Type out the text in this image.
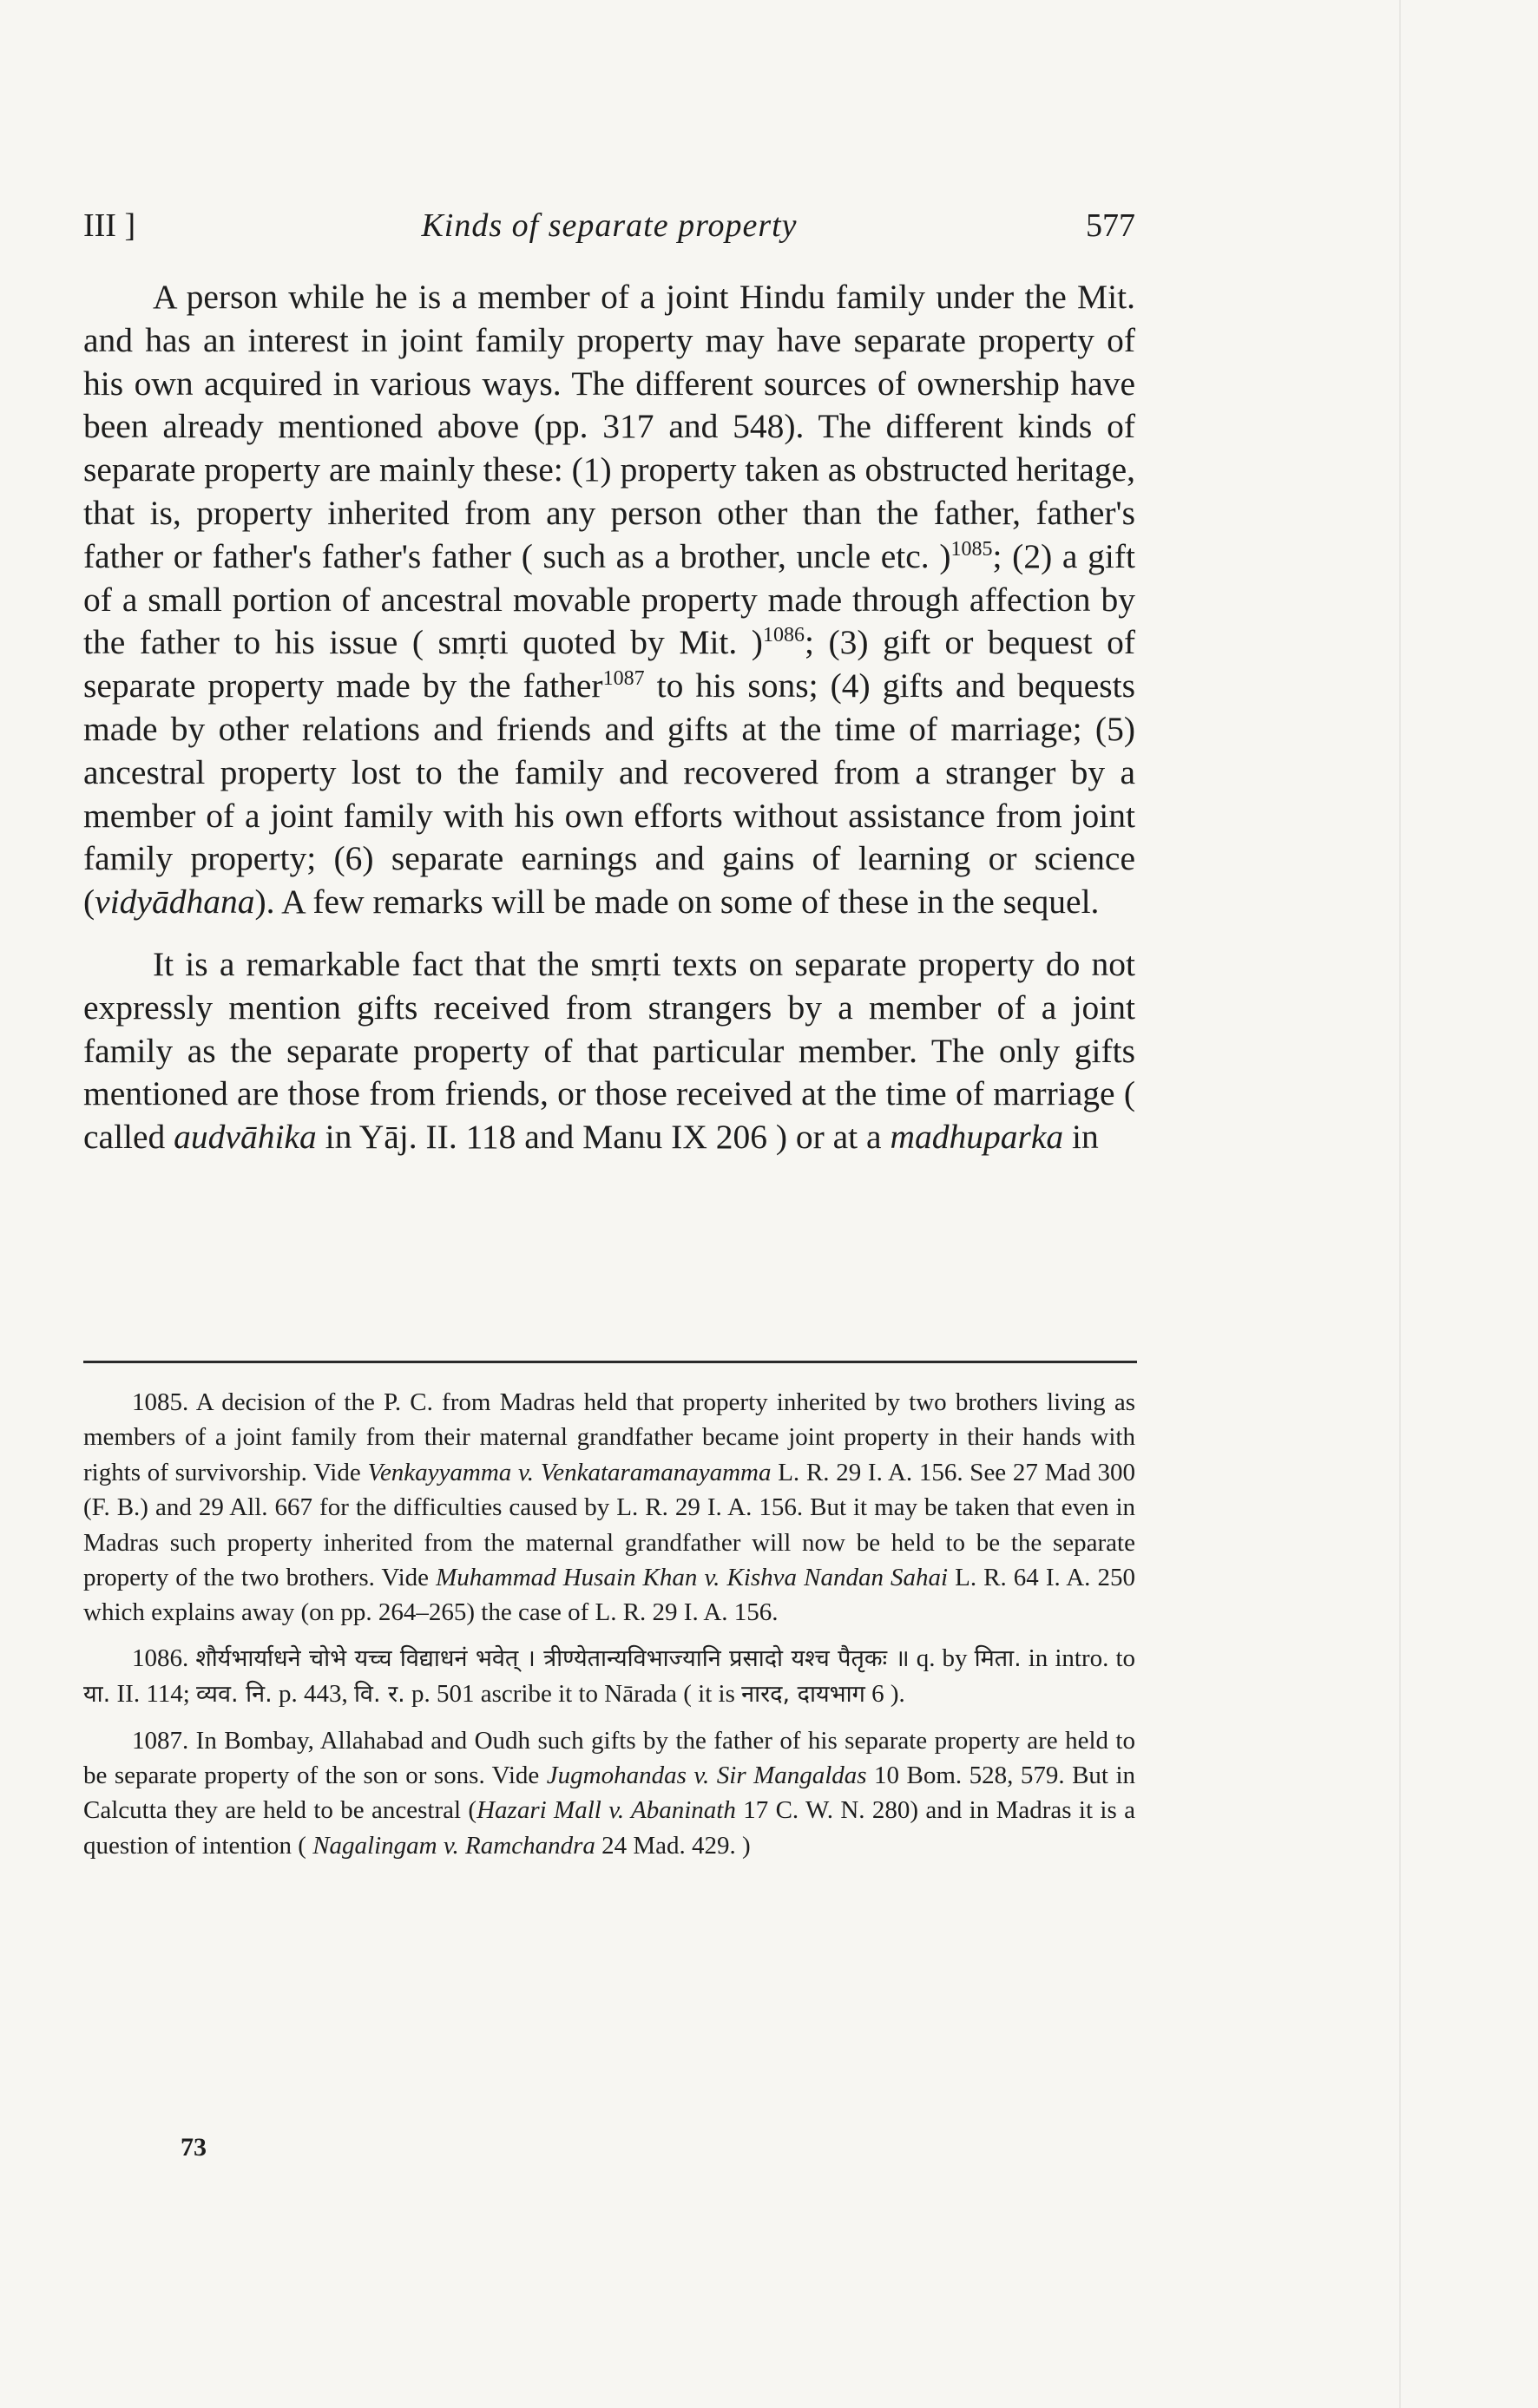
III ]	Kinds of separate property	577

A person while he is a member of a joint Hindu family under the Mit. and has an interest in joint family property may have separate property of his own acquired in various ways. The different sources of ownership have been already mentioned above (pp. 317 and 548). The different kinds of separate property are mainly these: (1) property taken as obstructed heritage, that is, property inherited from any person other than the father, father's father or father's father's father ( such as a brother, uncle etc. )$^{1085}$; (2) a gift of a small portion of ancestral movable property made through affection by the father to his issue ( smṛti quoted by Mit. )$^{1086}$; (3) gift or bequest of separate property made by the father$^{1087}$ to his sons; (4) gifts and bequests made by other relations and friends and gifts at the time of marriage; (5) ancestral property lost to the family and recovered from a stranger by a member of a joint family with his own efforts without assistance from joint family property; (6) separate earnings and gains of learning or science (vidyādhana). A few remarks will be made on some of these in the sequel.

It is a remarkable fact that the smṛti texts on separate property do not expressly mention gifts received from strangers by a member of a joint family as the separate property of that particular member. The only gifts mentioned are those from friends, or those received at the time of marriage ( called audvāhika in Yāj. II. 118 and Manu IX 206 ) or at a madhuparka in

1085. A decision of the P. C. from Madras held that property inherited by two brothers living as members of a joint family from their maternal grandfather became joint property in their hands with rights of survivorship. Vide Venkayyamma v. Venkataramanayamma L. R. 29 I. A. 156. See 27 Mad 300 (F. B.) and 29 All. 667 for the difficulties caused by L. R. 29 I. A. 156. But it may be taken that even in Madras such property inherited from the maternal grandfather will now be held to be the separate property of the two brothers. Vide Muhammad Husain Khan v. Kishva Nandan Sahai L. R. 64 I. A. 250 which explains away (on pp. 264–265) the case of L. R. 29 I. A. 156.

1086. शौर्यभार्याधने चोभे यच्च विद्याधनं भवेत् । त्रीण्येतान्यविभाज्यानि प्रसादो यश्च पैतृकः ॥ q. by मिता. in intro. to या. II. 114; व्यव. नि. p. 443, वि. र. p. 501 ascribe it to Nārada ( it is नारद, दायभाग 6 ).

1087. In Bombay, Allahabad and Oudh such gifts by the father of his separate property are held to be separate property of the son or sons. Vide Jugmohandas v. Sir Mangaldas 10 Bom. 528, 579. But in Calcutta they are held to be ancestral (Hazari Mall v. Abaninath 17 C. W. N. 280) and in Madras it is a question of intention ( Nagalingam v. Ramchandra 24 Mad. 429. )

73
